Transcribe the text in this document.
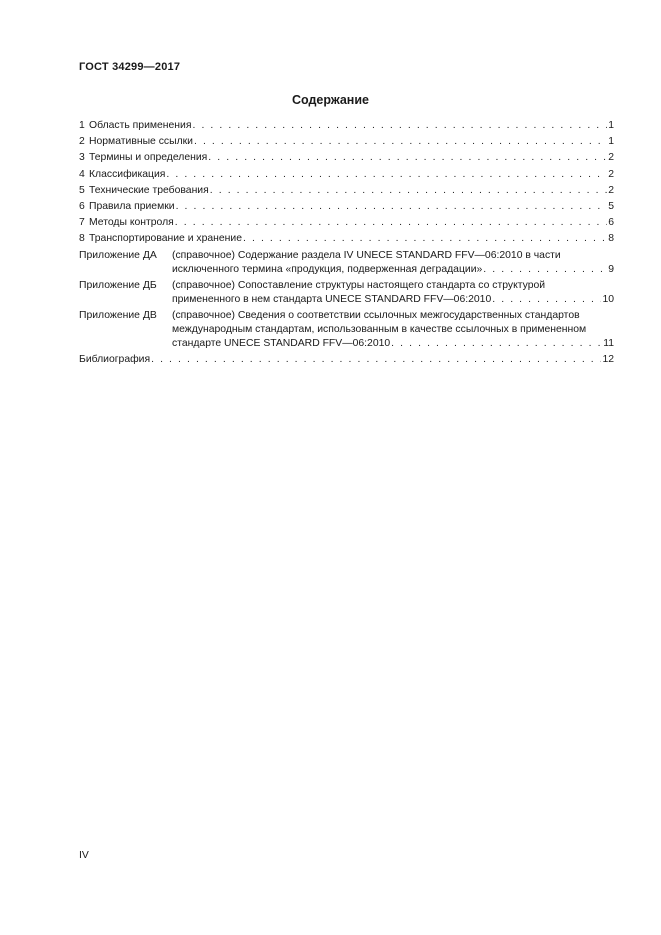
ГОСТ 34299—2017
Содержание
1 Область применения . . .	1
2 Нормативные ссылки . . .	1
3 Термины и определения . . .	2
4 Классификация . . .	2
5 Технические требования . . .	2
6 Правила приемки . . .	5
7 Методы контроля . . .	6
8 Транспортирование и хранение . . .	8
Приложение ДА	(справочное) Содержание раздела IV UNECE STANDARD FFV—06:2010 в части
исключенного термина «продукция, подверженная деградации» . . .	9
Приложение ДБ	(справочное) Сопоставление структуры настоящего стандарта со структурой
примененного в нем стандарта UNECE STANDARD FFV—06:2010 . . .	10
Приложение ДВ	(справочное) Сведения о соответствии ссылочных межгосударственных стандартов
международным стандартам, использованным в качестве ссылочных в примененном
стандарте UNECE STANDARD FFV—06:2010 . . .	11
Библиография . . .	12
IV
